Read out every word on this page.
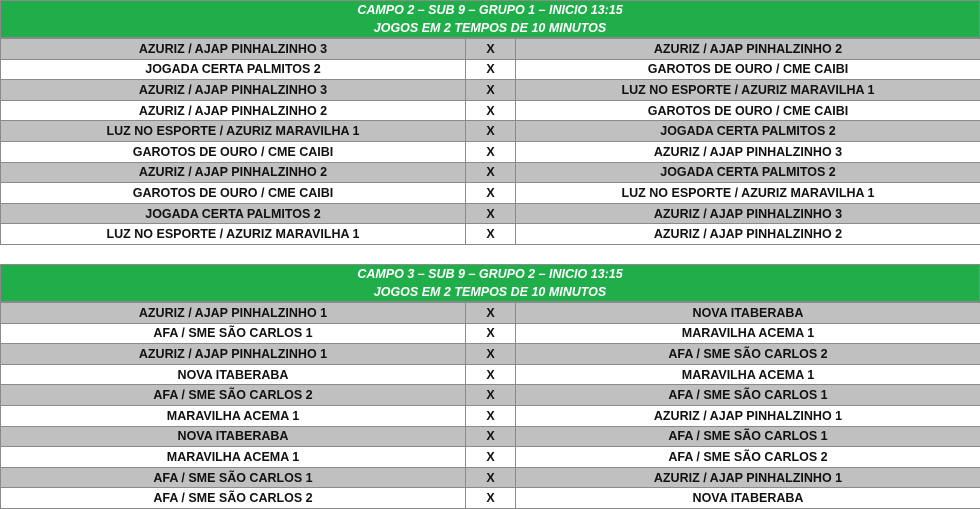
CAMPO 2 – SUB 9 – GRUPO 1 – INICIO 13:15
JOGOS EM 2 TEMPOS DE 10 MINUTOS
AZURIZ / AJAP PINHALZINHO 3	X	AZURIZ / AJAP PINHALZINHO 2
JOGADA CERTA PALMITOS 2	X	GAROTOS DE OURO / CME CAIBI
AZURIZ / AJAP PINHALZINHO 3	X	LUZ NO ESPORTE / AZURIZ MARAVILHA 1
AZURIZ / AJAP PINHALZINHO 2	X	GAROTOS DE OURO / CME CAIBI
LUZ NO ESPORTE / AZURIZ MARAVILHA 1	X	JOGADA CERTA PALMITOS 2
GAROTOS DE OURO / CME CAIBI	X	AZURIZ / AJAP PINHALZINHO 3
AZURIZ / AJAP PINHALZINHO 2	X	JOGADA CERTA PALMITOS 2
GAROTOS DE OURO / CME CAIBI	X	LUZ NO ESPORTE / AZURIZ MARAVILHA 1
JOGADA CERTA PALMITOS 2	X	AZURIZ / AJAP PINHALZINHO 3
LUZ NO ESPORTE / AZURIZ MARAVILHA 1	X	AZURIZ / AJAP PINHALZINHO 2
CAMPO 3 – SUB 9 – GRUPO 2 – INICIO 13:15
JOGOS EM 2 TEMPOS DE 10 MINUTOS
AZURIZ / AJAP PINHALZINHO 1	X	NOVA ITABERABA
AFA / SME SÃO CARLOS 1	X	MARAVILHA ACEMA 1
AZURIZ / AJAP PINHALZINHO 1	X	AFA / SME SÃO CARLOS 2
NOVA ITABERABA	X	MARAVILHA ACEMA 1
AFA / SME SÃO CARLOS 2	X	AFA / SME SÃO CARLOS 1
MARAVILHA ACEMA 1	X	AZURIZ / AJAP PINHALZINHO 1
NOVA ITABERABA	X	AFA / SME SÃO CARLOS 1
MARAVILHA ACEMA 1	X	AFA / SME SÃO CARLOS 2
AFA / SME SÃO CARLOS 1	X	AZURIZ / AJAP PINHALZINHO 1
AFA / SME SÃO CARLOS 2	X	NOVA ITABERABA
